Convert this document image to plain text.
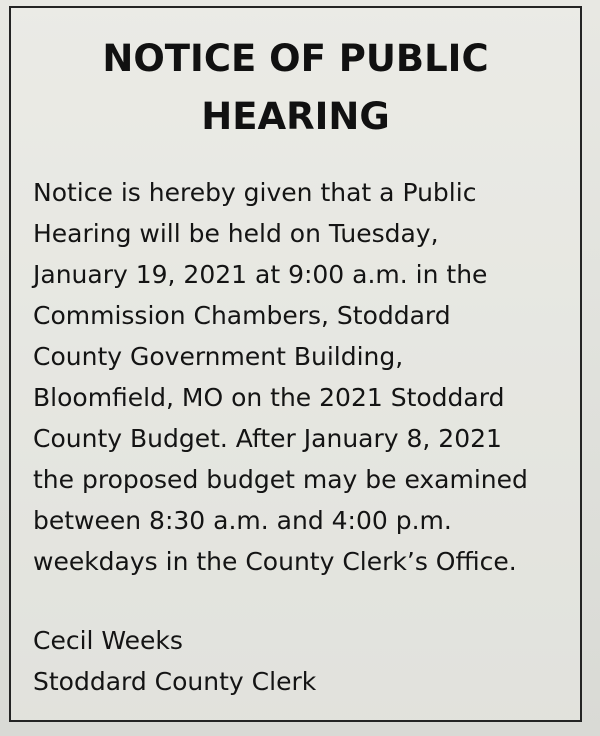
NOTICE OF PUBLIC
HEARING

Notice is hereby given that a Public
Hearing will be held on Tuesday,
January 19, 2021 at 9:00 a.m. in the
Commission Chambers, Stoddard
County Government Building,
Bloomfield, MO on the 2021 Stoddard
County Budget. After January 8, 2021
the proposed budget may be examined
between 8:30 a.m. and 4:00 p.m.
weekdays in the County Clerk’s Office.

Cecil Weeks
Stoddard County Clerk
